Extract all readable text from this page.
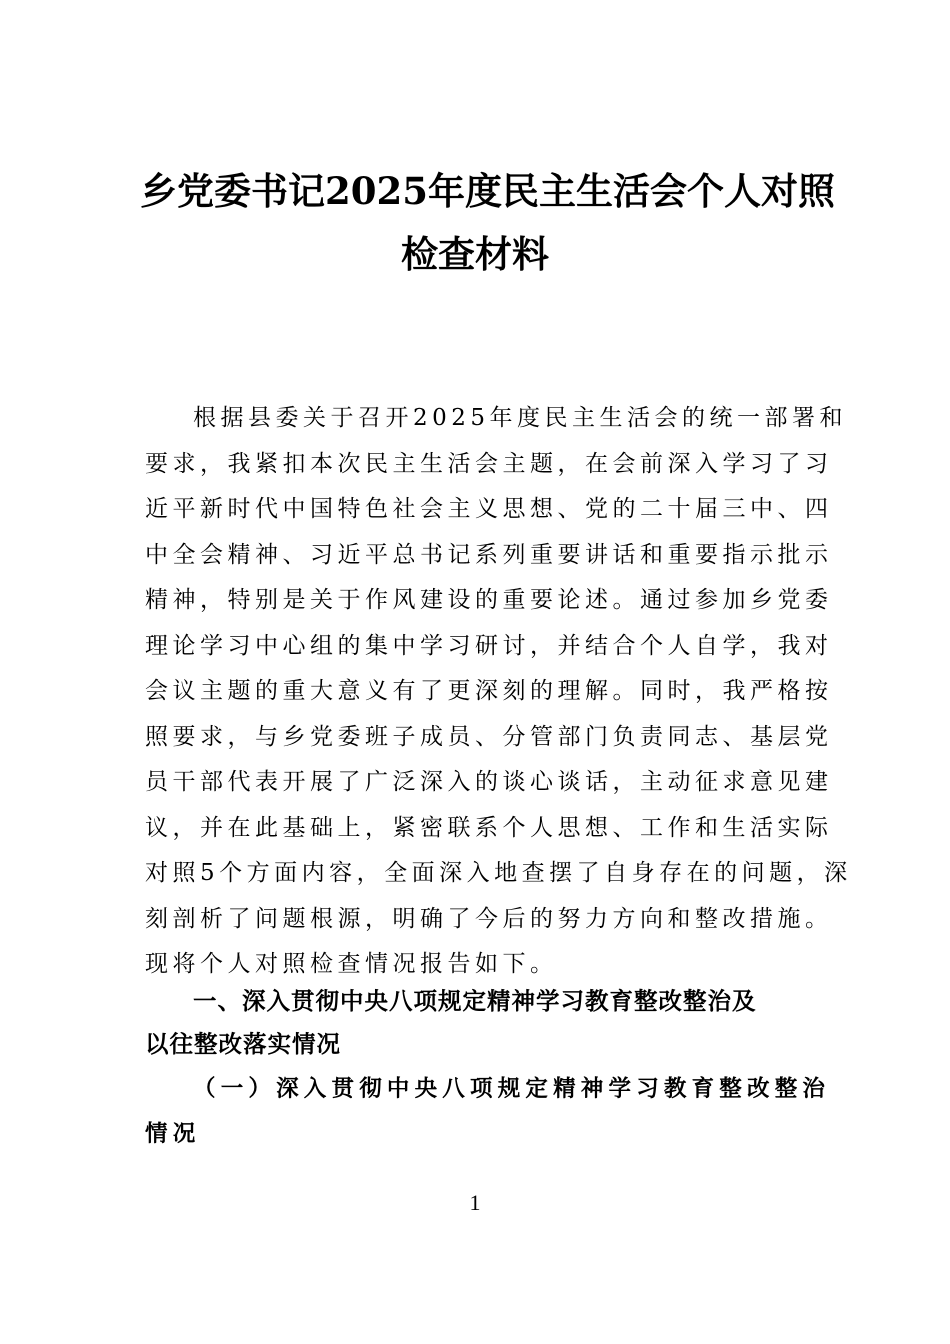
乡党委书记2025年度民主生活会个人对照
检查材料

根据县委关于召开2025年度民主生活会的统一部署和
要求，我紧扣本次民主生活会主题，在会前深入学习了习
近平新时代中国特色社会主义思想、党的二十届三中、四
中全会精神、习近平总书记系列重要讲话和重要指示批示
精神，特别是关于作风建设的重要论述。通过参加乡党委
理论学习中心组的集中学习研讨，并结合个人自学，我对
会议主题的重大意义有了更深刻的理解。同时，我严格按
照要求，与乡党委班子成员、分管部门负责同志、基层党
员干部代表开展了广泛深入的谈心谈话，主动征求意见建
议，并在此基础上，紧密联系个人思想、工作和生活实际
对照5个方面内容，全面深入地查摆了自身存在的问题，深
刻剖析了问题根源，明确了今后的努力方向和整改措施。
现将个人对照检查情况报告如下。

一、深入贯彻中央八项规定精神学习教育整改整治及
以往整改落实情况
（一）深入贯彻中央八项规定精神学习教育整改整治
情况
1
